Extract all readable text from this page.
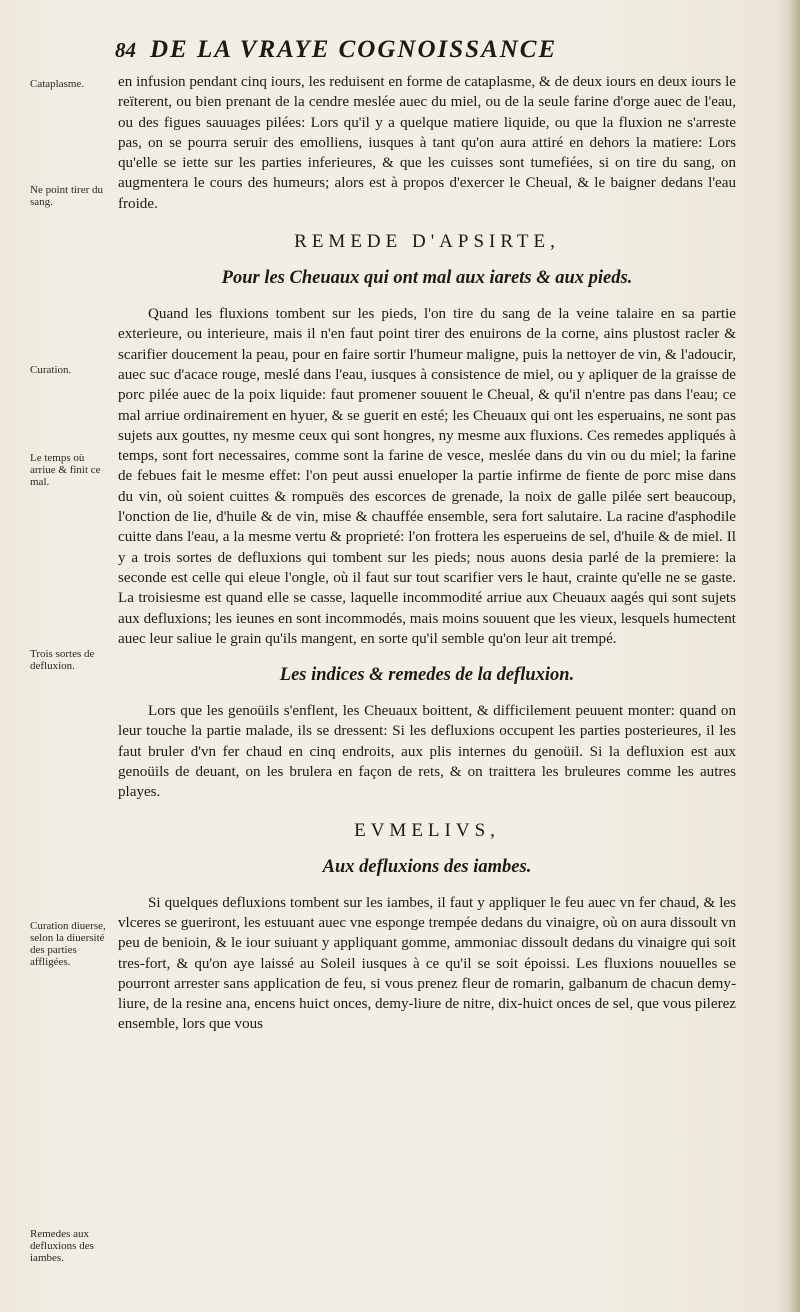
84 DE LA VRAYE COGNOISSANCE
Cataplasme.
Ne point tirer du sang.
Curation.
Le temps où arriue & finit ce mal.
Trois sortes de defluxion.
Curation diuerse, selon la diuersité des parties affligées.
Remedes aux defluxions des iambes.

en infusion pendant cinq iours, les reduisent en forme de cataplasme, & de deux iours en deux iours le reïterent, ou bien prenant de la cendre meslée auec du miel, ou de la seule farine d'orge auec de l'eau, ou des figues sauuages pilées: Lors qu'il y a quelque matiere liquide, ou que la fluxion ne s'arreste pas, on se pourra seruir des emolliens, iusques à tant qu'on aura attiré en dehors la matiere: Lors qu'elle se iette sur les parties inferieures, & que les cuisses sont tumefiées, si on tire du sang, on augmentera le cours des humeurs; alors est à propos d'exercer le Cheual, & le baigner dedans l'eau froide.

REMEDE D'APSIRTE,
Pour les Cheuaux qui ont mal aux iarets & aux pieds.

Quand les fluxions tombent sur les pieds, l'on tire du sang de la veine talaire en sa partie exterieure, ou interieure, mais il n'en faut point tirer des enuirons de la corne, ains plustost racler & scarifier doucement la peau, pour en faire sortir l'humeur maligne, puis la nettoyer de vin, & l'adoucir, auec suc d'acace rouge, meslé dans l'eau, iusques à consistence de miel, ou y apliquer de la graisse de porc pilée auec de la poix liquide: faut promener souuent le Cheual, & qu'il n'entre pas dans l'eau; ce mal arriue ordinairement en hyuer, & se guerit en esté; les Cheuaux qui ont les esperuains, ne sont pas sujets aux gouttes, ny mesme ceux qui sont hongres, ny mesme aux fluxions. Ces remedes appliqués à temps, sont fort necessaires, comme sont la farine de vesce, meslée dans du vin ou du miel; la farine de febues fait le mesme effet: l'on peut aussi enueloper la partie infirme de fiente de porc mise dans du vin, où soient cuittes & rompuës des escorces de grenade, la noix de galle pilée sert beaucoup, l'onction de lie, d'huile & de vin, mise & chauffée ensemble, sera fort salutaire. La racine d'asphodile cuitte dans l'eau, a la mesme vertu & proprieté: l'on frottera les esperueins de sel, d'huile & de miel. Il y a trois sortes de defluxions qui tombent sur les pieds; nous auons desia parlé de la premiere: la seconde est celle qui eleue l'ongle, où il faut sur tout scarifier vers le haut, crainte qu'elle ne se gaste. La troisiesme est quand elle se casse, laquelle incommodité arriue aux Cheuaux aagés qui sont sujets aux defluxions; les ieunes en sont incommodés, mais moins souuent que les vieux, lesquels humectent auec leur saliue le grain qu'ils mangent, en sorte qu'il semble qu'on leur ait trempé.

Les indices & remedes de la defluxion.

Lors que les genoüils s'enflent, les Cheuaux boittent, & difficilement peuuent monter: quand on leur touche la partie malade, ils se dressent: Si les defluxions occupent les parties posterieures, il les faut bruler d'vn fer chaud en cinq endroits, aux plis internes du genoüil. Si la defluxion est aux genoüils de deuant, on les brulera en façon de rets, & on traittera les bruleures comme les autres playes.

EVMELIVS,
Aux defluxions des iambes.

Si quelques defluxions tombent sur les iambes, il faut y appliquer le feu auec vn fer chaud, & les vlceres se gueriront, les estuuant auec vne esponge trempée dedans du vinaigre, où on aura dissoult vn peu de benioin, & le iour suiuant y appliquant gomme, ammoniac dissoult dedans du vinaigre qui soit tres-fort, & qu'on aye laissé au Soleil iusques à ce qu'il se soit époissi. Les fluxions nouuelles se pourront arrester sans application de feu, si vous prenez fleur de romarin, galbanum de chacun demy-liure, de la resine ana, encens huict onces, demy-liure de nitre, dix-huict onces de sel, que vous pilerez ensemble, lors que vous
